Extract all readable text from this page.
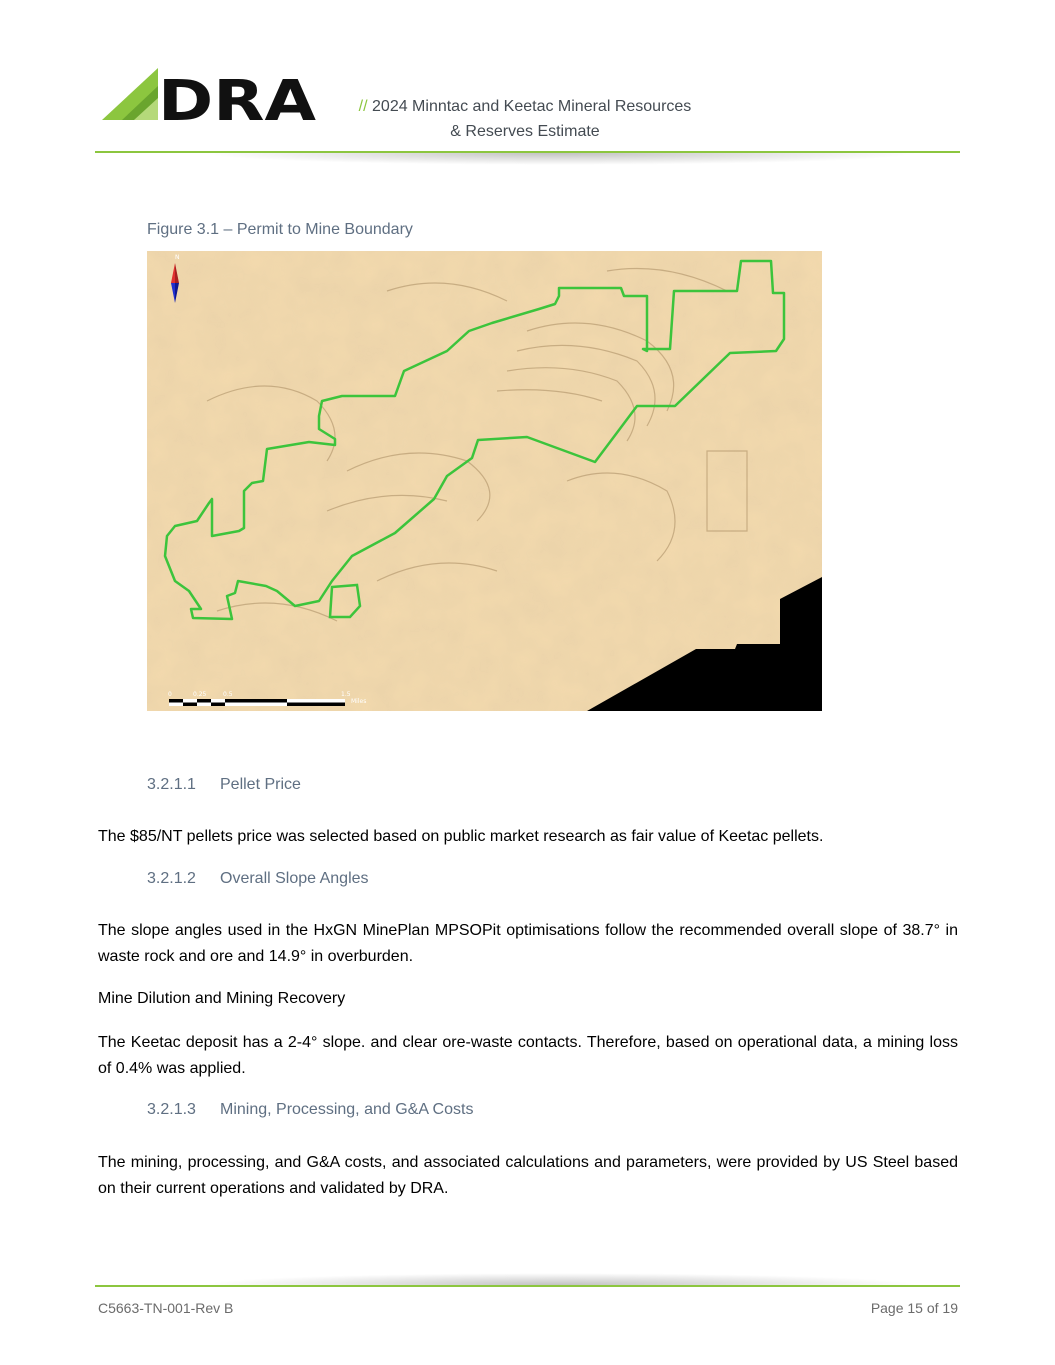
DRA	// 2024 Minntac and Keetac Mineral Resources
& Reserves Estimate
Figure 3.1 – Permit to Mine Boundary
N
0	0.25	0.5	1.5
Miles
3.2.1.1 Pellet Price
The $85/NT pellets price was selected based on public market research as fair value of Keetac pellets.
3.2.1.2 Overall Slope Angles
The slope angles used in the HxGN MinePlan MPSOPit optimisations follow the recommended overall slope of 38.7° in waste rock and ore and 14.9° in overburden.
Mine Dilution and Mining Recovery
The Keetac deposit has a 2-4° slope. and clear ore-waste contacts. Therefore, based on operational data, a mining loss of 0.4% was applied.
3.2.1.3 Mining, Processing, and G&A Costs
The mining, processing, and G&A costs, and associated calculations and parameters, were provided by US Steel based on their current operations and validated by DRA.
C5663-TN-001-Rev B	Page 15 of 19
